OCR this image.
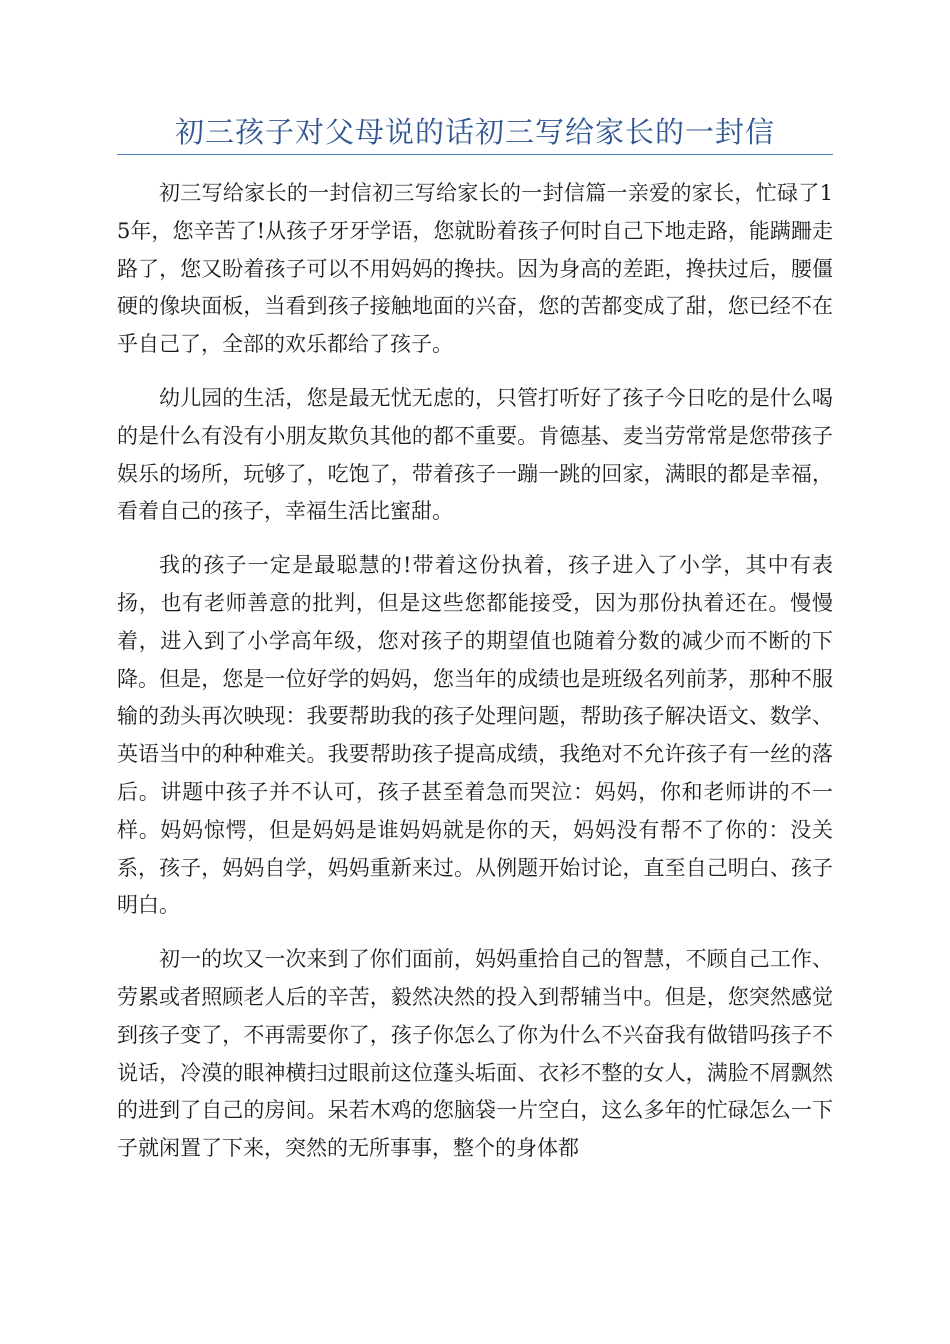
初三孩子对父母说的话初三写给家长的一封信

初三写给家长的一封信初三写给家长的一封信篇一亲爱的家长，忙碌了15年，您辛苦了!从孩子牙牙学语，您就盼着孩子何时自己下地走路，能蹒跚走路了，您又盼着孩子可以不用妈妈的搀扶。因为身高的差距，搀扶过后，腰僵硬的像块面板，当看到孩子接触地面的兴奋，您的苦都变成了甜，您已经不在乎自己了，全部的欢乐都给了孩子。

幼儿园的生活，您是最无忧无虑的，只管打听好了孩子今日吃的是什么喝的是什么有没有小朋友欺负其他的都不重要。肯德基、麦当劳常常是您带孩子娱乐的场所，玩够了，吃饱了，带着孩子一蹦一跳的回家，满眼的都是幸福，看着自己的孩子，幸福生活比蜜甜。

我的孩子一定是最聪慧的!带着这份执着，孩子进入了小学，其中有表扬，也有老师善意的批判，但是这些您都能接受，因为那份执着还在。慢慢着，进入到了小学高年级，您对孩子的期望值也随着分数的减少而不断的下降。但是，您是一位好学的妈妈，您当年的成绩也是班级名列前茅，那种不服输的劲头再次映现：我要帮助我的孩子处理问题，帮助孩子解决语文、数学、英语当中的种种难关。我要帮助孩子提高成绩，我绝对不允许孩子有一丝的落后。讲题中孩子并不认可，孩子甚至着急而哭泣：妈妈，你和老师讲的不一样。妈妈惊愕，但是妈妈是谁妈妈就是你的天，妈妈没有帮不了你的：没关系，孩子，妈妈自学，妈妈重新来过。从例题开始讨论，直至自己明白、孩子明白。

初一的坎又一次来到了你们面前，妈妈重拾自己的智慧，不顾自己工作、劳累或者照顾老人后的辛苦，毅然决然的投入到帮辅当中。但是，您突然感觉到孩子变了，不再需要你了，孩子你怎么了你为什么不兴奋我有做错吗孩子不说话，冷漠的眼神横扫过眼前这位蓬头垢面、衣衫不整的女人，满脸不屑飘然的进到了自己的房间。呆若木鸡的您脑袋一片空白，这么多年的忙碌怎么一下子就闲置了下来，突然的无所事事，整个的身体都
